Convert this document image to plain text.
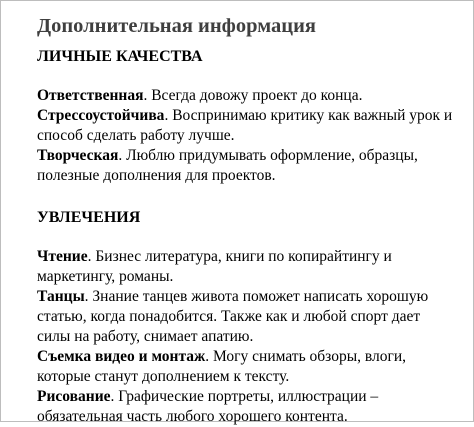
Дополнительная информация
ЛИЧНЫЕ КАЧЕСТВА
Ответственная. Всегда довожу проект до конца.
Стрессоустойчива. Воспринимаю критику как важный урок и способ сделать работу лучше.
Творческая. Люблю придумывать оформление, образцы, полезные дополнения для проектов.
УВЛЕЧЕНИЯ
Чтение. Бизнес литература, книги по копирайтингу и маркетингу, романы.
Танцы. Знание танцев живота поможет написать хорошую статью, когда понадобится. Также как и любой спорт дает силы на работу, снимает апатию.
Съемка видео и монтаж. Могу снимать обзоры, влоги, которые станут дополнением к тексту.
Рисование. Графические портреты, иллюстрации – обязательная часть любого хорошего контента.
